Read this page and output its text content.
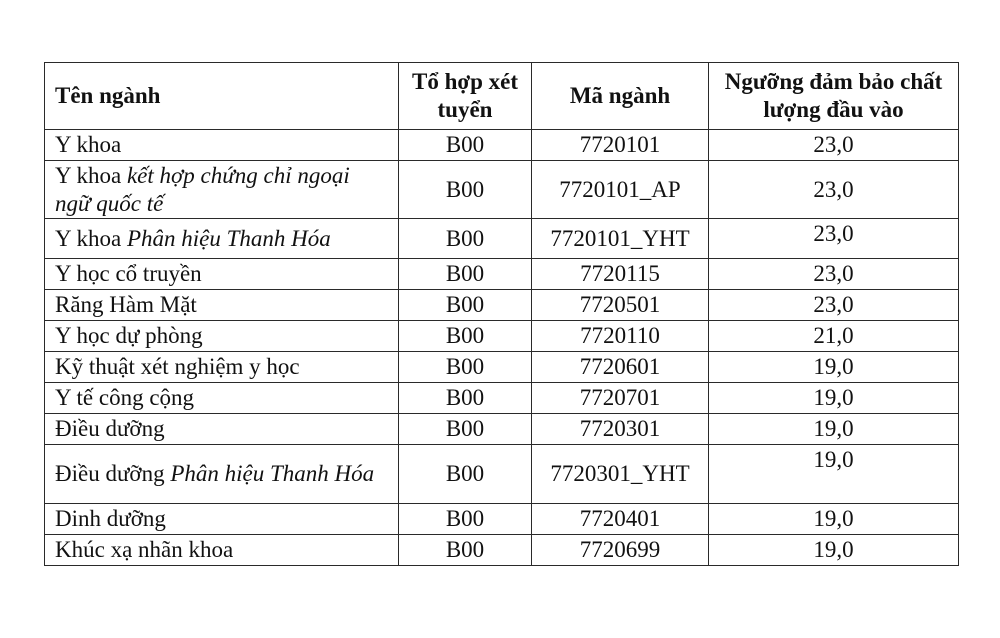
Tên ngành	Tổ hợp xét tuyển	Mã ngành	Ngưỡng đảm bảo chất lượng đầu vào
Y khoa	B00	7720101	23,0
Y khoa kết hợp chứng chỉ ngoại ngữ quốc tế	B00	7720101_AP	23,0
Y khoa Phân hiệu Thanh Hóa	B00	7720101_YHT	23,0
Y học cổ truyền	B00	7720115	23,0
Răng Hàm Mặt	B00	7720501	23,0
Y học dự phòng	B00	7720110	21,0
Kỹ thuật xét nghiệm y học	B00	7720601	19,0
Y tế công cộng	B00	7720701	19,0
Điều dưỡng	B00	7720301	19,0
Điều dưỡng Phân hiệu Thanh Hóa	B00	7720301_YHT	19,0
Dinh dưỡng	B00	7720401	19,0
Khúc xạ nhãn khoa	B00	7720699	19,0
